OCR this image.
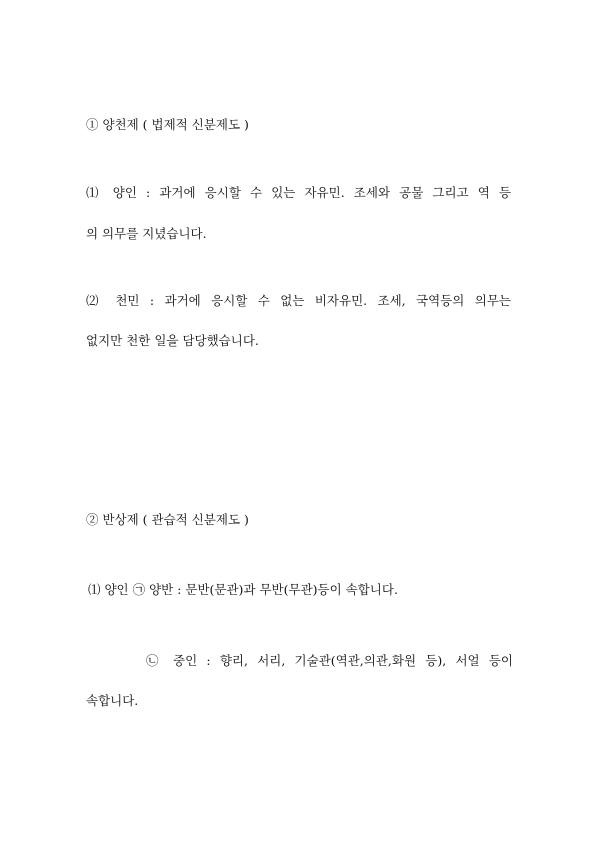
① 양천제 ( 법제적 신분제도 )
⑴ 양인 : 과거에 응시할 수 있는 자유민. 조세와 공물 그리고 역 등
의 의무를 지녔습니다.
⑵ 천민 : 과거에 응시할 수 없는 비자유민. 조세, 국역등의 의무는
없지만 천한 일을 담당했습니다.
② 반상제 ( 관습적 신분제도 )
⑴ 양인 ㉠ 양반 : 문반(문관)과 무반(무관)등이 속합니다.
㉡ 중인 : 향리, 서리, 기술관(역관,의관,화원 등), 서얼 등이
속합니다.
